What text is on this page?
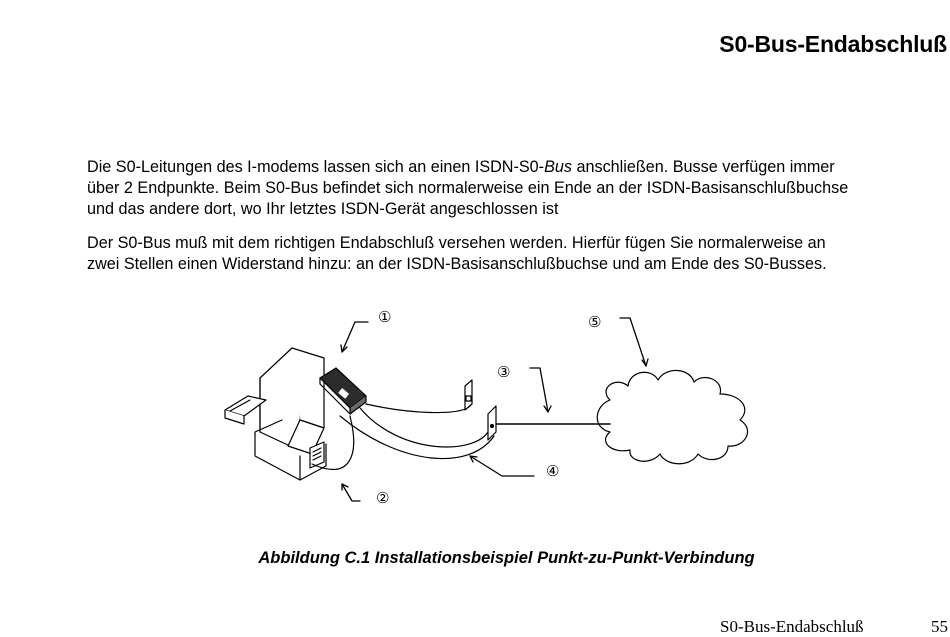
S0-Bus-Endabschluß

Die S0-Leitungen des I-modems lassen sich an einen ISDN-S0-Bus anschließen. Busse verfügen immer
über 2 Endpunkte. Beim S0-Bus befindet sich normalerweise ein Ende an der ISDN-Basisanschlußbuchse
und das andere dort, wo Ihr letztes ISDN-Gerät angeschlossen ist

Der S0-Bus muß mit dem richtigen Endabschluß versehen werden. Hierfür fügen Sie normalerweise an
zwei Stellen einen Widerstand hinzu: an der ISDN-Basisanschlußbuchse und am Ende des S0-Busses.

①
②
③
④
⑤
Abbildung C.1 Installationsbeispiel Punkt-zu-Punkt-Verbindung
S0-Bus-Endabschluß	55
